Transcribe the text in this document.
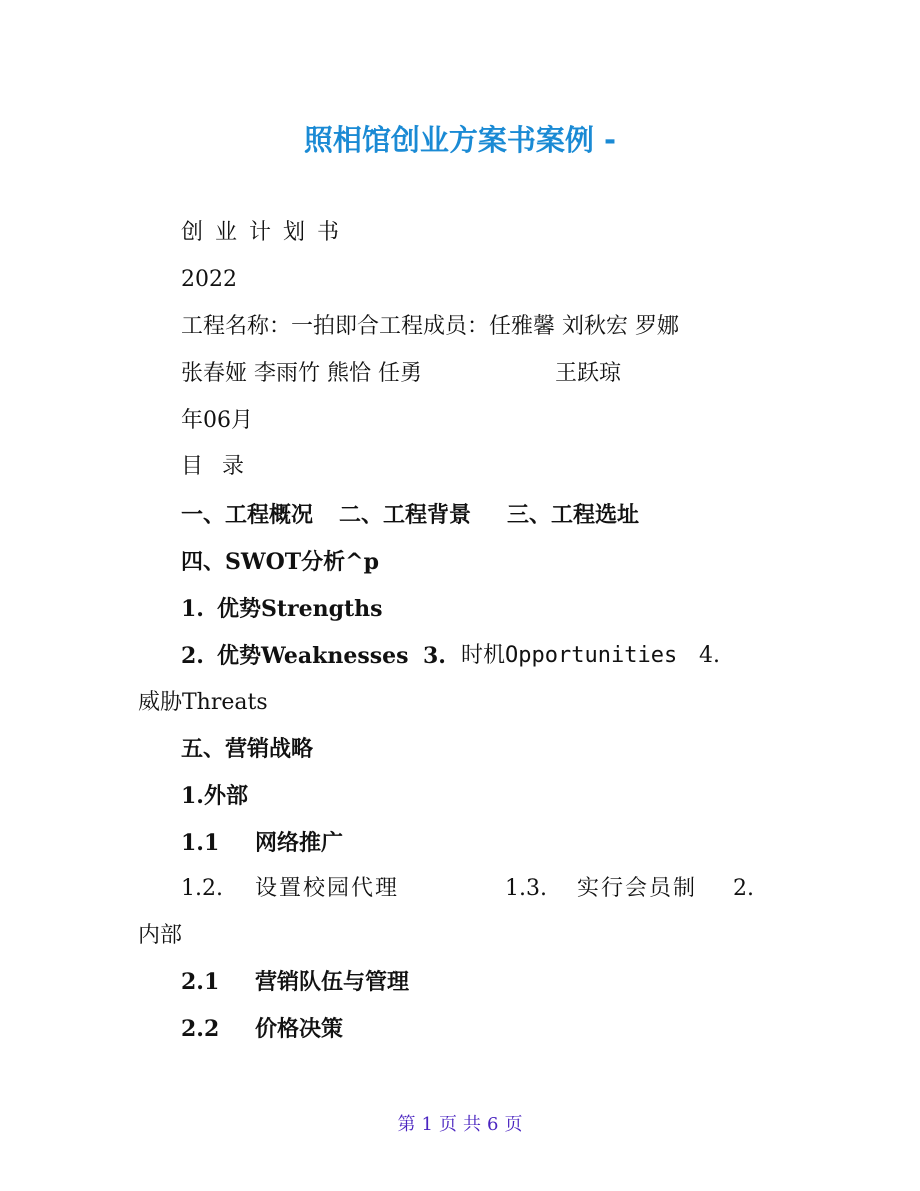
照相馆创业方案书案例 -
创业计划书
2022
工程名称：一拍即合工程成员：任雅馨 刘秋宏 罗娜
张春娅 李雨竹 熊恰 任勇	王跃琼
年06月
目 录
一、工程概况 二、工程背景 三、工程选址
四、SWOT分析^p
1. 优势Strengths
2. 优势Weaknesses 3. 时机Opportunities 4.
威胁Threats
五、营销战略
1.外部
1.1 网络推广
1.2. 设置校园代理	1.3. 实行会员制 2.
内部
2.1 营销队伍与管理
2.2 价格决策
第 1 页 共 6 页
